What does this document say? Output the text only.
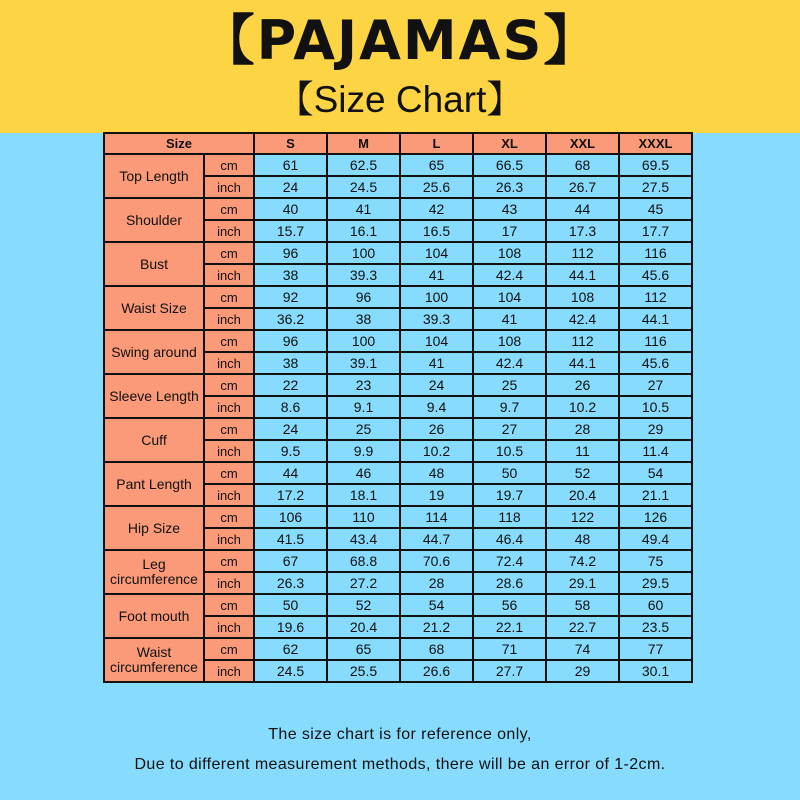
【PAJAMAS】
【Size Chart】
Size		S	M	L	XL	XXL	XXXL
Top Length	cm	61	62.5	65	66.5	68	69.5
	inch	24	24.5	25.6	26.3	26.7	27.5
Shoulder	cm	40	41	42	43	44	45
	inch	15.7	16.1	16.5	17	17.3	17.7
Bust	cm	96	100	104	108	112	116
	inch	38	39.3	41	42.4	44.1	45.6
Waist Size	cm	92	96	100	104	108	112
	inch	36.2	38	39.3	41	42.4	44.1
Swing around	cm	96	100	104	108	112	116
	inch	38	39.1	41	42.4	44.1	45.6
Sleeve Length	cm	22	23	24	25	26	27
	inch	8.6	9.1	9.4	9.7	10.2	10.5
Cuff	cm	24	25	26	27	28	29
	inch	9.5	9.9	10.2	10.5	11	11.4
Pant Length	cm	44	46	48	50	52	54
	inch	17.2	18.1	19	19.7	20.4	21.1
Hip Size	cm	106	110	114	118	122	126
	inch	41.5	43.4	44.7	46.4	48	49.4
Leg circumference	cm	67	68.8	70.6	72.4	74.2	75
	inch	26.3	27.2	28	28.6	29.1	29.5
Foot mouth	cm	50	52	54	56	58	60
	inch	19.6	20.4	21.2	22.1	22.7	23.5
Waist circumference	cm	62	65	68	71	74	77
	inch	24.5	25.5	26.6	27.7	29	30.1
The size chart is for reference only,
Due to different measurement methods, there will be an error of 1-2cm.
